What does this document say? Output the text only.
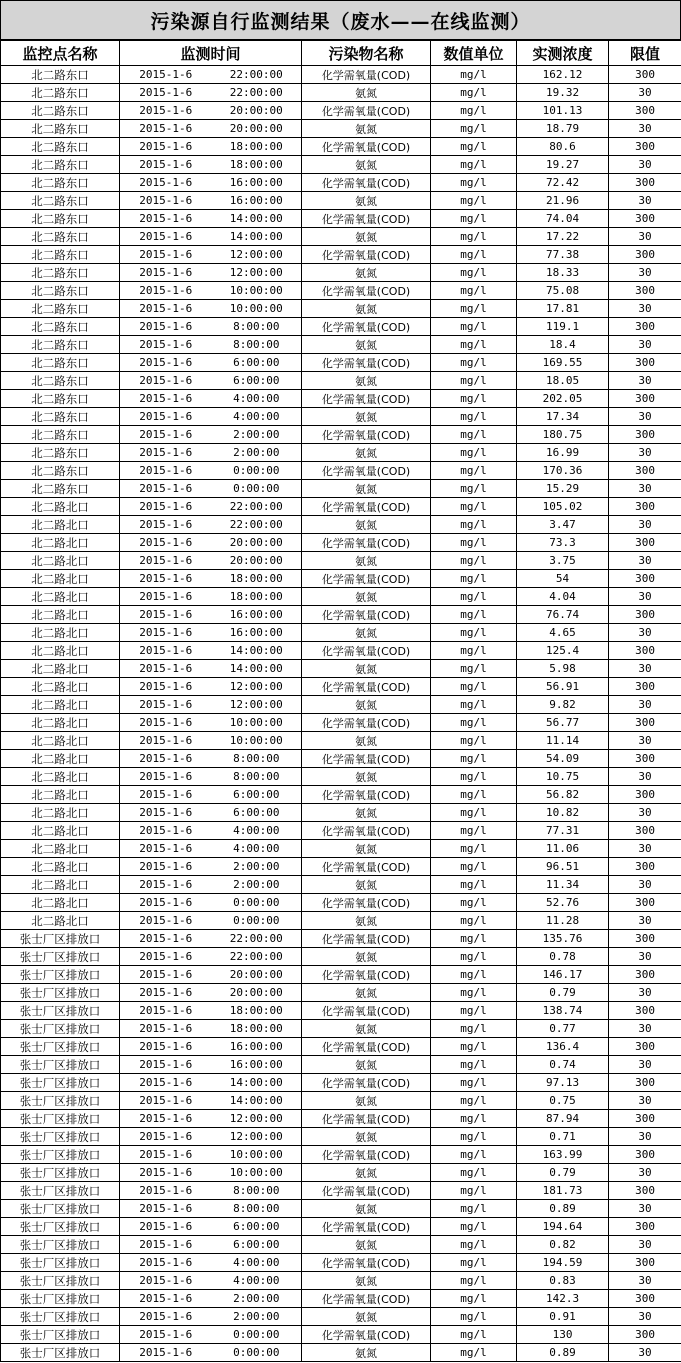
污染源自行监测结果（废水——在线监测）
监控点名称	监测时间		污染物名称	数值单位	实测浓度	限值
北二路东口	2015-1-6	22:00:00	化学需氧量(COD)	mg/l	162.12	300
北二路东口	2015-1-6	22:00:00	氨氮	mg/l	19.32	30
北二路东口	2015-1-6	20:00:00	化学需氧量(COD)	mg/l	101.13	300
北二路东口	2015-1-6	20:00:00	氨氮	mg/l	18.79	30
北二路东口	2015-1-6	18:00:00	化学需氧量(COD)	mg/l	80.6	300
北二路东口	2015-1-6	18:00:00	氨氮	mg/l	19.27	30
北二路东口	2015-1-6	16:00:00	化学需氧量(COD)	mg/l	72.42	300
北二路东口	2015-1-6	16:00:00	氨氮	mg/l	21.96	30
北二路东口	2015-1-6	14:00:00	化学需氧量(COD)	mg/l	74.04	300
北二路东口	2015-1-6	14:00:00	氨氮	mg/l	17.22	30
北二路东口	2015-1-6	12:00:00	化学需氧量(COD)	mg/l	77.38	300
北二路东口	2015-1-6	12:00:00	氨氮	mg/l	18.33	30
北二路东口	2015-1-6	10:00:00	化学需氧量(COD)	mg/l	75.08	300
北二路东口	2015-1-6	10:00:00	氨氮	mg/l	17.81	30
北二路东口	2015-1-6	8:00:00	化学需氧量(COD)	mg/l	119.1	300
北二路东口	2015-1-6	8:00:00	氨氮	mg/l	18.4	30
北二路东口	2015-1-6	6:00:00	化学需氧量(COD)	mg/l	169.55	300
北二路东口	2015-1-6	6:00:00	氨氮	mg/l	18.05	30
北二路东口	2015-1-6	4:00:00	化学需氧量(COD)	mg/l	202.05	300
北二路东口	2015-1-6	4:00:00	氨氮	mg/l	17.34	30
北二路东口	2015-1-6	2:00:00	化学需氧量(COD)	mg/l	180.75	300
北二路东口	2015-1-6	2:00:00	氨氮	mg/l	16.99	30
北二路东口	2015-1-6	0:00:00	化学需氧量(COD)	mg/l	170.36	300
北二路东口	2015-1-6	0:00:00	氨氮	mg/l	15.29	30
北二路北口	2015-1-6	22:00:00	化学需氧量(COD)	mg/l	105.02	300
北二路北口	2015-1-6	22:00:00	氨氮	mg/l	3.47	30
北二路北口	2015-1-6	20:00:00	化学需氧量(COD)	mg/l	73.3	300
北二路北口	2015-1-6	20:00:00	氨氮	mg/l	3.75	30
北二路北口	2015-1-6	18:00:00	化学需氧量(COD)	mg/l	54	300
北二路北口	2015-1-6	18:00:00	氨氮	mg/l	4.04	30
北二路北口	2015-1-6	16:00:00	化学需氧量(COD)	mg/l	76.74	300
北二路北口	2015-1-6	16:00:00	氨氮	mg/l	4.65	30
北二路北口	2015-1-6	14:00:00	化学需氧量(COD)	mg/l	125.4	300
北二路北口	2015-1-6	14:00:00	氨氮	mg/l	5.98	30
北二路北口	2015-1-6	12:00:00	化学需氧量(COD)	mg/l	56.91	300
北二路北口	2015-1-6	12:00:00	氨氮	mg/l	9.82	30
北二路北口	2015-1-6	10:00:00	化学需氧量(COD)	mg/l	56.77	300
北二路北口	2015-1-6	10:00:00	氨氮	mg/l	11.14	30
北二路北口	2015-1-6	8:00:00	化学需氧量(COD)	mg/l	54.09	300
北二路北口	2015-1-6	8:00:00	氨氮	mg/l	10.75	30
北二路北口	2015-1-6	6:00:00	化学需氧量(COD)	mg/l	56.82	300
北二路北口	2015-1-6	6:00:00	氨氮	mg/l	10.82	30
北二路北口	2015-1-6	4:00:00	化学需氧量(COD)	mg/l	77.31	300
北二路北口	2015-1-6	4:00:00	氨氮	mg/l	11.06	30
北二路北口	2015-1-6	2:00:00	化学需氧量(COD)	mg/l	96.51	300
北二路北口	2015-1-6	2:00:00	氨氮	mg/l	11.34	30
北二路北口	2015-1-6	0:00:00	化学需氧量(COD)	mg/l	52.76	300
北二路北口	2015-1-6	0:00:00	氨氮	mg/l	11.28	30
张士厂区排放口	2015-1-6	22:00:00	化学需氧量(COD)	mg/l	135.76	300
张士厂区排放口	2015-1-6	22:00:00	氨氮	mg/l	0.78	30
张士厂区排放口	2015-1-6	20:00:00	化学需氧量(COD)	mg/l	146.17	300
张士厂区排放口	2015-1-6	20:00:00	氨氮	mg/l	0.79	30
张士厂区排放口	2015-1-6	18:00:00	化学需氧量(COD)	mg/l	138.74	300
张士厂区排放口	2015-1-6	18:00:00	氨氮	mg/l	0.77	30
张士厂区排放口	2015-1-6	16:00:00	化学需氧量(COD)	mg/l	136.4	300
张士厂区排放口	2015-1-6	16:00:00	氨氮	mg/l	0.74	30
张士厂区排放口	2015-1-6	14:00:00	化学需氧量(COD)	mg/l	97.13	300
张士厂区排放口	2015-1-6	14:00:00	氨氮	mg/l	0.75	30
张士厂区排放口	2015-1-6	12:00:00	化学需氧量(COD)	mg/l	87.94	300
张士厂区排放口	2015-1-6	12:00:00	氨氮	mg/l	0.71	30
张士厂区排放口	2015-1-6	10:00:00	化学需氧量(COD)	mg/l	163.99	300
张士厂区排放口	2015-1-6	10:00:00	氨氮	mg/l	0.79	30
张士厂区排放口	2015-1-6	8:00:00	化学需氧量(COD)	mg/l	181.73	300
张士厂区排放口	2015-1-6	8:00:00	氨氮	mg/l	0.89	30
张士厂区排放口	2015-1-6	6:00:00	化学需氧量(COD)	mg/l	194.64	300
张士厂区排放口	2015-1-6	6:00:00	氨氮	mg/l	0.82	30
张士厂区排放口	2015-1-6	4:00:00	化学需氧量(COD)	mg/l	194.59	300
张士厂区排放口	2015-1-6	4:00:00	氨氮	mg/l	0.83	30
张士厂区排放口	2015-1-6	2:00:00	化学需氧量(COD)	mg/l	142.3	300
张士厂区排放口	2015-1-6	2:00:00	氨氮	mg/l	0.91	30
张士厂区排放口	2015-1-6	0:00:00	化学需氧量(COD)	mg/l	130	300
张士厂区排放口	2015-1-6	0:00:00	氨氮	mg/l	0.89	30
